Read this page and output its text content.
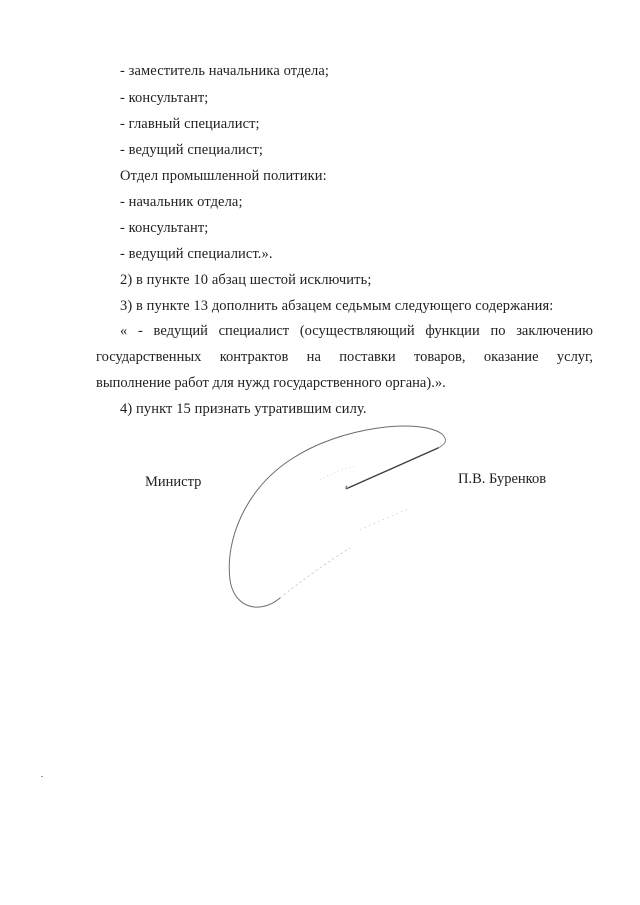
- заместитель начальника отдела;
- консультант;
- главный специалист;
- ведущий специалист;
Отдел промышленной политики:
- начальник отдела;
- консультант;
- ведущий специалист.».
2) в пункте 10 абзац шестой исключить;
3) в пункте 13 дополнить абзацем седьмым следующего содержания:
« - ведущий специалист (осуществляющий функции по заключению
государственных контрактов на поставки товаров, оказание услуг,
выполнение работ для нужд государственного органа).».
4) пункт 15 признать утратившим силу.
Министр	П.В. Буренков
